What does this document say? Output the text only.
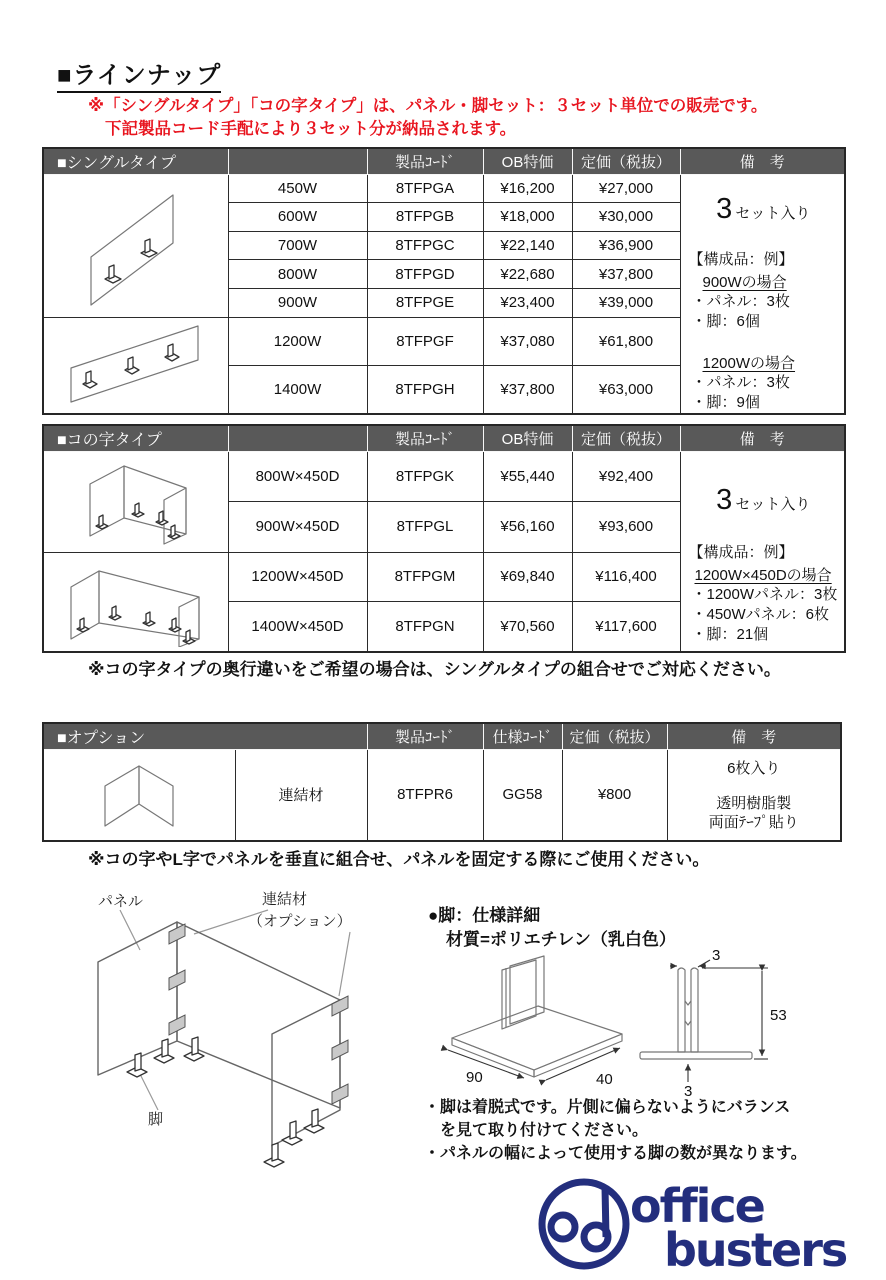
■ラインナップ
※「シングルタイプ」「コの字タイプ」は、パネル・脚セット：３セット単位での販売です。
下記製品コード手配により３セット分が納品されます。
■シングルタイプ		製品ｺｰﾄﾞ	OB特価	定価（税抜）	備　考
	450W	8TFPGA	¥16,200	¥27,000	
3 セット入り
【構成品：例】
900Wの場合
・パネル：3枚
・脚：6個
1200Wの場合
・パネル：3枚
・脚：9個

	600W	8TFPGB	¥18,000	¥30,000	
	700W	8TFPGC	¥22,140	¥36,900	
	800W	8TFPGD	¥22,680	¥37,800	
	900W	8TFPGE	¥23,400	¥39,000	
	1200W	8TFPGF	¥37,080	¥61,800	
	1400W	8TFPGH	¥37,800	¥63,000	
■コの字タイプ		製品ｺｰﾄﾞ	OB特価	定価（税抜）	備　考
	800W×450D	8TFPGK	¥55,440	¥92,400	
3 セット入り
【構成品：例】
1200W×450Dの場合
・1200Wパネル：3枚
・450Wパネル：6枚
・脚：21個

	900W×450D	8TFPGL	¥56,160	¥93,600	
	1200W×450D	8TFPGM	¥69,840	¥116,400	
	1400W×450D	8TFPGN	¥70,560	¥117,600	
※コの字タイプの奥行違いをご希望の場合は、シングルタイプの組合せでご対応ください。
■オプション		製品ｺｰﾄﾞ	仕様ｺｰﾄﾞ	定価（税抜）	備　考
	連結材	8TFPR6	GG58	¥800	6枚入り
透明樹脂製
両面ﾃｰﾌﾟ貼り
※コの字やL字でパネルを垂直に組合せ、パネルを固定する際にご使用ください。
パネル	連結材
（オプション）
脚
●脚：仕様詳細
材質=ポリエチレン（乳白色）
90	40
3
53
3
・脚は着脱式です。片側に偏らないようにバランス
　を見て取り付けてください。
・パネルの幅によって使用する脚の数が異なります。
office
busters
